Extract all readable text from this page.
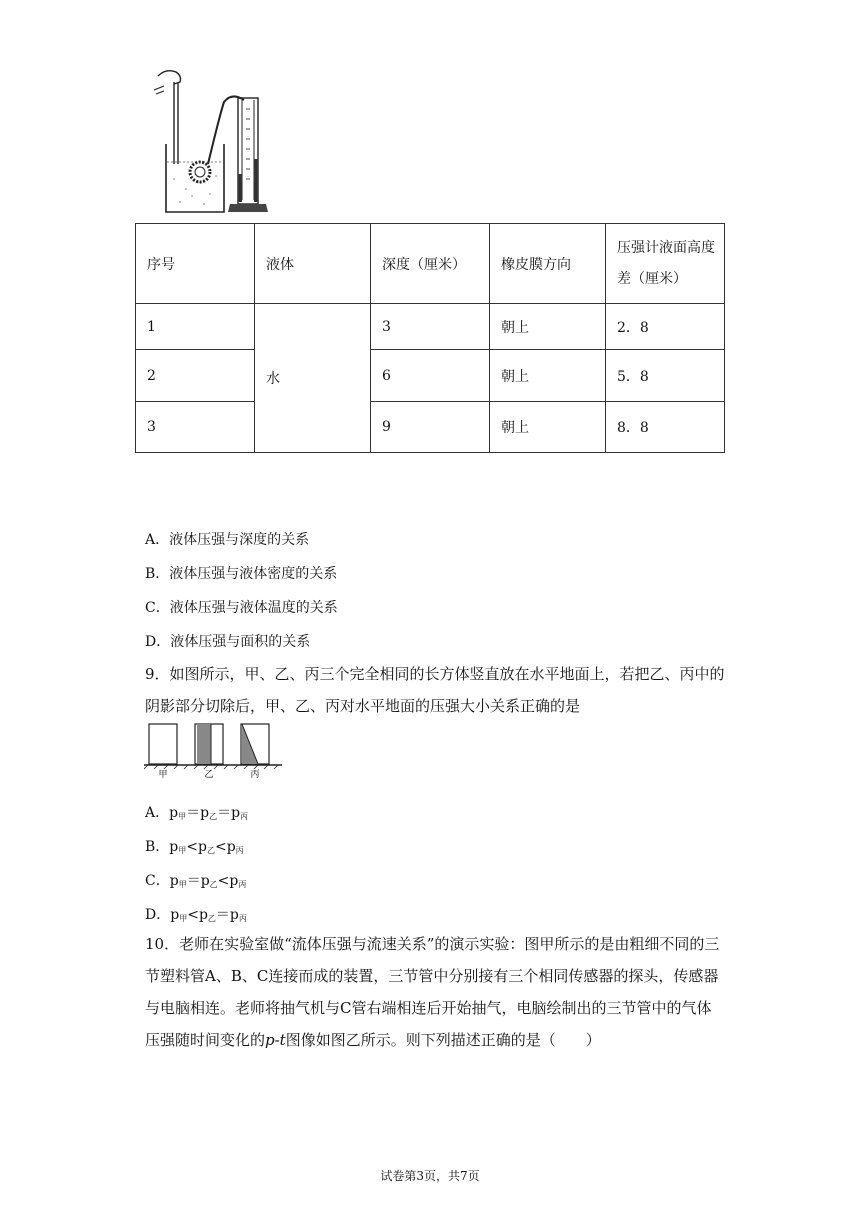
序号	液体	深度（厘米）	橡皮膜方向	压强计液面高度差（厘米）

1	水	3	朝上	2．8
2		6	朝上	5．8
3		9	朝上	8．8
A．液体压强与深度的关系
B．液体压强与液体密度的关系
C．液体压强与液体温度的关系
D．液体压强与面积的关系
9．如图所示，甲、乙、丙三个完全相同的长方体竖直放在水平地面上，若把乙、丙中的阴影部分切除后，甲、乙、丙对水平地面的压强大小关系正确的是
甲	乙	丙
A．$p_甲=p_乙=p_丙$
B．$p_甲<p_乙<p_丙$
C．$p_甲=p_乙<p_丙$
D．$p_甲<p_乙=p_丙$
10．老师在实验室做“流体压强与流速关系”的演示实验：图甲所示的是由粗细不同的三节塑料管A、B、C连接而成的装置，三节管中分别接有三个相同传感器的探头，传感器与电脑相连。老师将抽气机与C管右端相连后开始抽气，电脑绘制出的三节管中的气体压强随时间变化的p-t图像如图乙所示。则下列描述正确的是（　　）
试卷第3页，共7页
